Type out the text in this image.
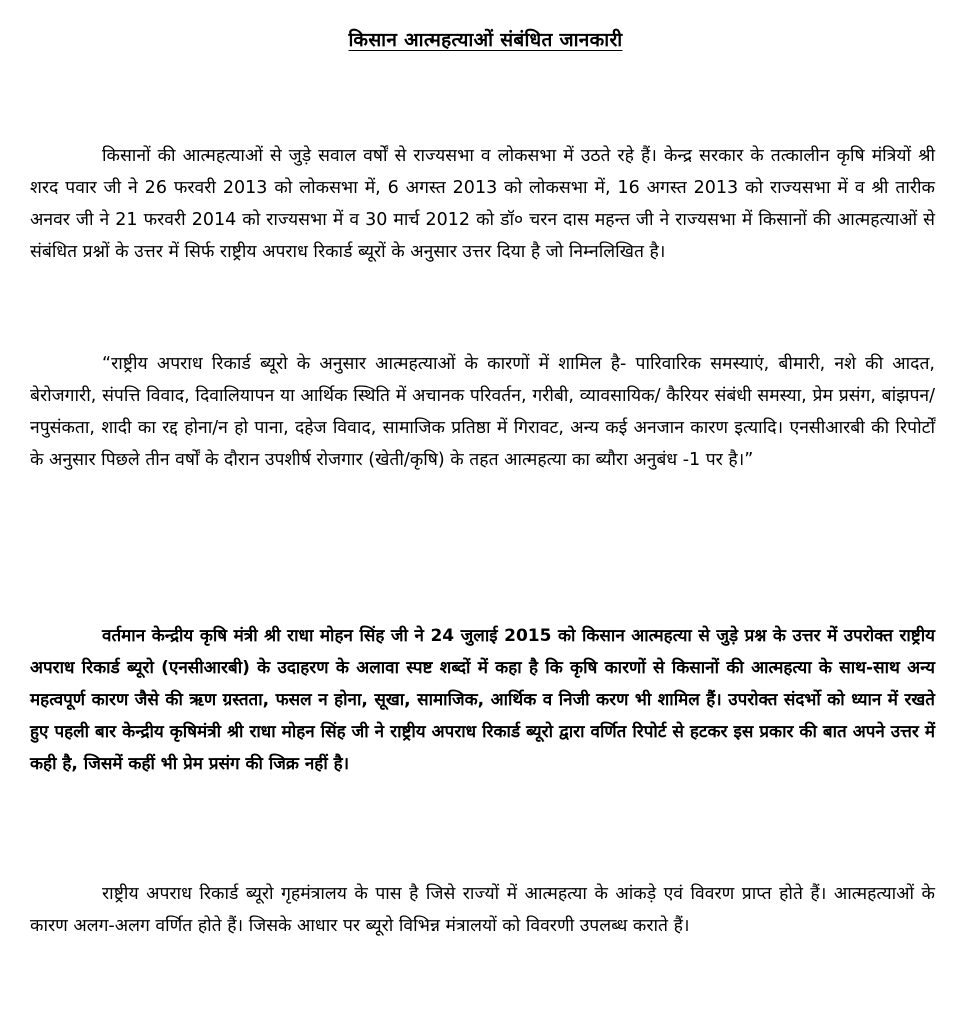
किसान आत्महत्याओं संबंधित जानकारी

किसानों की आत्महत्याओं से जुड़े सवाल वर्षों से राज्यसभा व लोकसभा में उठते रहे हैं। केन्द्र सरकार के तत्कालीन कृषि मंत्रियों श्री शरद पवार जी ने 26 फरवरी 2013 को लोकसभा में, 6 अगस्त 2013 को लोकसभा में, 16 अगस्त 2013 को राज्यसभा में व श्री तारीक अनवर जी ने 21 फरवरी 2014 को राज्यसभा में व 30 मार्च 2012 को डॉ० चरन दास महन्त जी ने राज्यसभा में किसानों की आत्महत्याओं से संबंधित प्रश्नों के उत्तर में सिर्फ राष्ट्रीय अपराध रिकार्ड ब्यूरों के अनुसार उत्तर दिया है जो निम्नलिखित है।

“राष्ट्रीय अपराध रिकार्ड ब्यूरो के अनुसार आत्महत्याओं के कारणों में शामिल है- पारिवारिक समस्याएं, बीमारी, नशे की आदत, बेरोजगारी, संपत्ति विवाद, दिवालियापन या आर्थिक स्थिति में अचानक परिवर्तन, गरीबी, व्यावसायिक/ कैरियर संबंधी समस्या, प्रेम प्रसंग, बांझपन/नपुसंकता, शादी का रद्द होना/न हो पाना, दहेज विवाद, सामाजिक प्रतिष्ठा में गिरावट, अन्य कई अनजान कारण इत्यादि। एनसीआरबी की रिपोर्टों के अनुसार पिछले तीन वर्षों के दौरान उपशीर्ष रोजगार (खेती/कृषि) के तहत आत्महत्या का ब्यौरा अनुबंध -1 पर है।”

वर्तमान केन्द्रीय कृषि मंत्री श्री राधा मोहन सिंह जी ने 24 जुलाई 2015 को किसान आत्महत्या से जुड़े प्रश्न के उत्तर में उपरोक्त राष्ट्रीय अपराध रिकार्ड ब्यूरो (एनसीआरबी) के उदाहरण के अलावा स्पष्ट शब्दों में कहा है कि कृषि कारणों से किसानों की आत्महत्या के साथ-साथ अन्य महत्वपूर्ण कारण जैसे की ऋण ग्रस्तता, फसल न होना, सूखा, सामाजिक, आर्थिक व निजी करण भी शामिल हैं। उपरोक्त संदर्भो को ध्यान में रखते हुए पहली बार केन्द्रीय कृषिमंत्री श्री राधा मोहन सिंह जी ने राष्ट्रीय अपराध रिकार्ड ब्यूरो द्वारा वर्णित रिपोर्ट से हटकर इस प्रकार की बात अपने उत्तर में कही है, जिसमें कहीं भी प्रेम प्रसंग की जिक्र नहीं है।

राष्ट्रीय अपराध रिकार्ड ब्यूरो गृहमंत्रालय के पास है जिसे राज्यों में आत्महत्या के आंकड़े एवं विवरण प्राप्त होते हैं। आत्महत्याओं के कारण अलग-अलग वर्णित होते हैं। जिसके आधार पर ब्यूरो विभिन्न मंत्रालयों को विवरणी उपलब्ध कराते हैं।
